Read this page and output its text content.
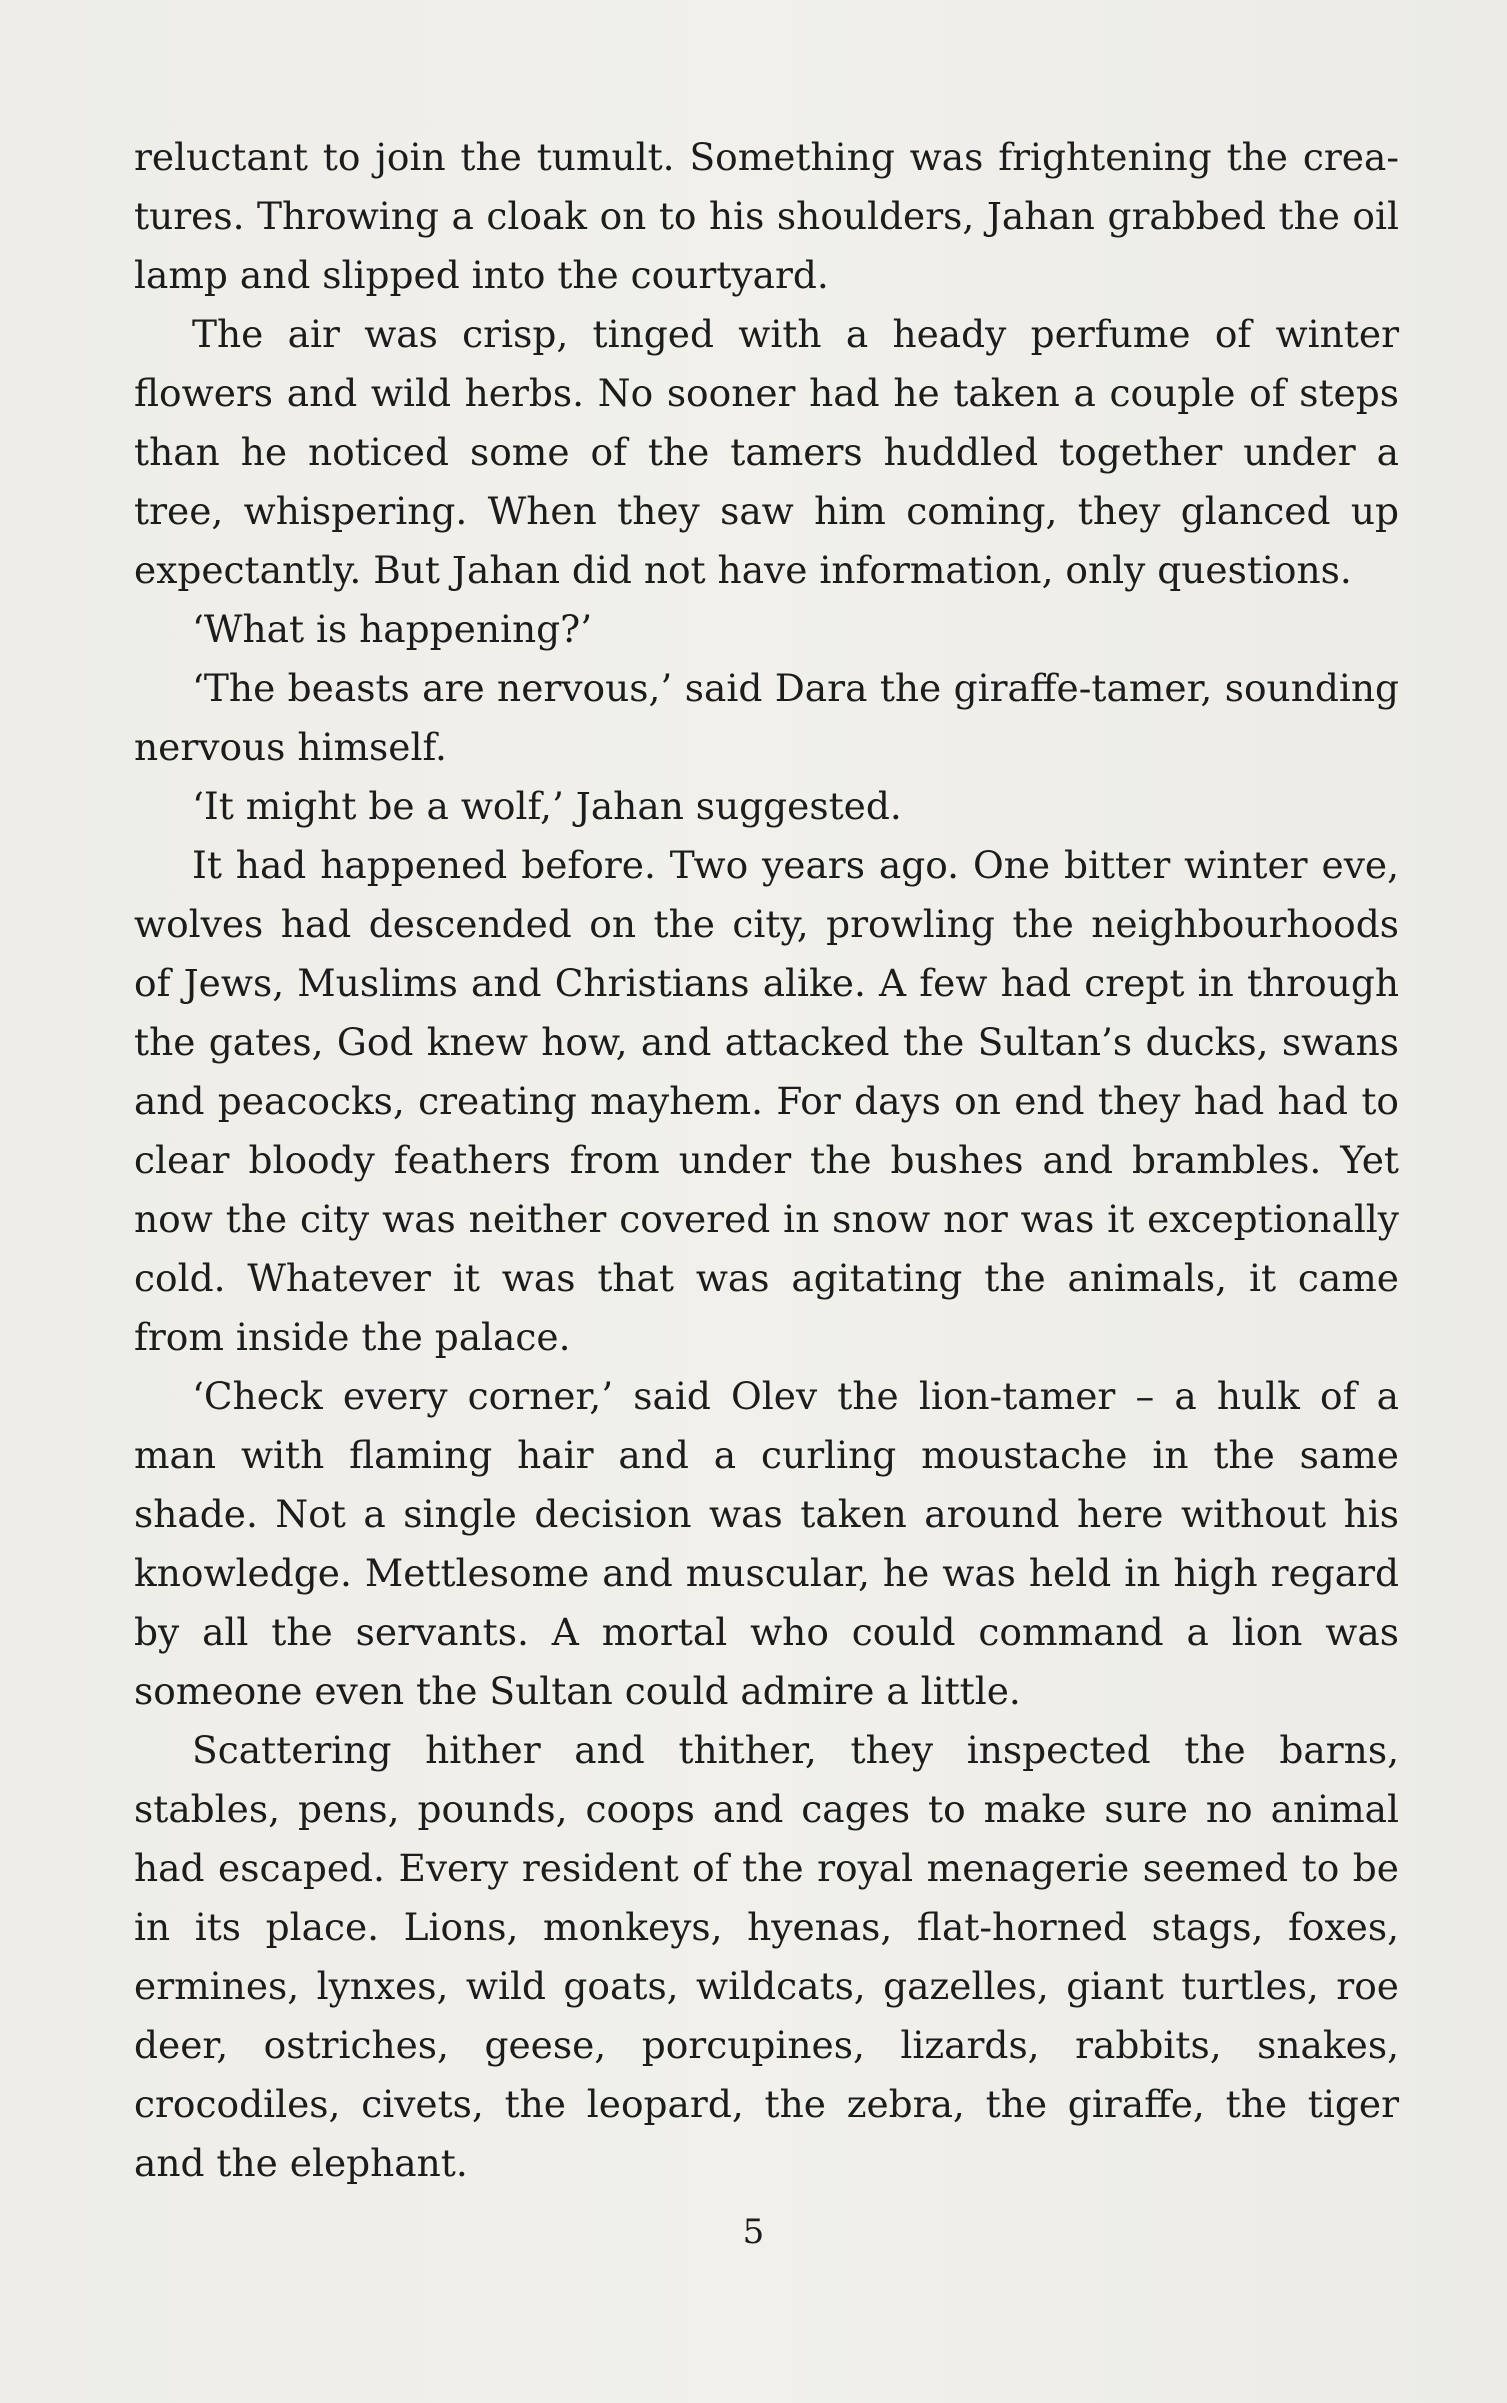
reluctant to join the tumult. Something was frightening the creatures. Throwing a cloak on to his shoulders, Jahan grabbed the oil lamp and slipped into the courtyard.

The air was crisp, tinged with a heady perfume of winter flowers and wild herbs. No sooner had he taken a couple of steps than he noticed some of the tamers huddled together under a tree, whispering. When they saw him coming, they glanced up expectantly. But Jahan did not have information, only questions.

‘What is happening?’

‘The beasts are nervous,’ said Dara the giraffe-tamer, sounding nervous himself.

‘It might be a wolf,’ Jahan suggested.

It had happened before. Two years ago. One bitter winter eve, wolves had descended on the city, prowling the neighbourhoods of Jews, Muslims and Christians alike. A few had crept in through the gates, God knew how, and attacked the Sultan’s ducks, swans and peacocks, creating mayhem. For days on end they had had to clear bloody feathers from under the bushes and brambles. Yet now the city was neither covered in snow nor was it exceptionally cold. Whatever it was that was agitating the animals, it came from inside the palace.

‘Check every corner,’ said Olev the lion-tamer – a hulk of a man with flaming hair and a curling moustache in the same shade. Not a single decision was taken around here without his knowledge. Mettlesome and muscular, he was held in high regard by all the servants. A mortal who could command a lion was someone even the Sultan could admire a little.

Scattering hither and thither, they inspected the barns, stables, pens, pounds, coops and cages to make sure no animal had escaped. Every resident of the royal menagerie seemed to be in its place. Lions, monkeys, hyenas, flat-horned stags, foxes, ermines, lynxes, wild goats, wildcats, gazelles, giant turtles, roe deer, ostriches, geese, porcupines, lizards, rabbits, snakes, crocodiles, civets, the leopard, the zebra, the giraffe, the tiger and the elephant.

5
